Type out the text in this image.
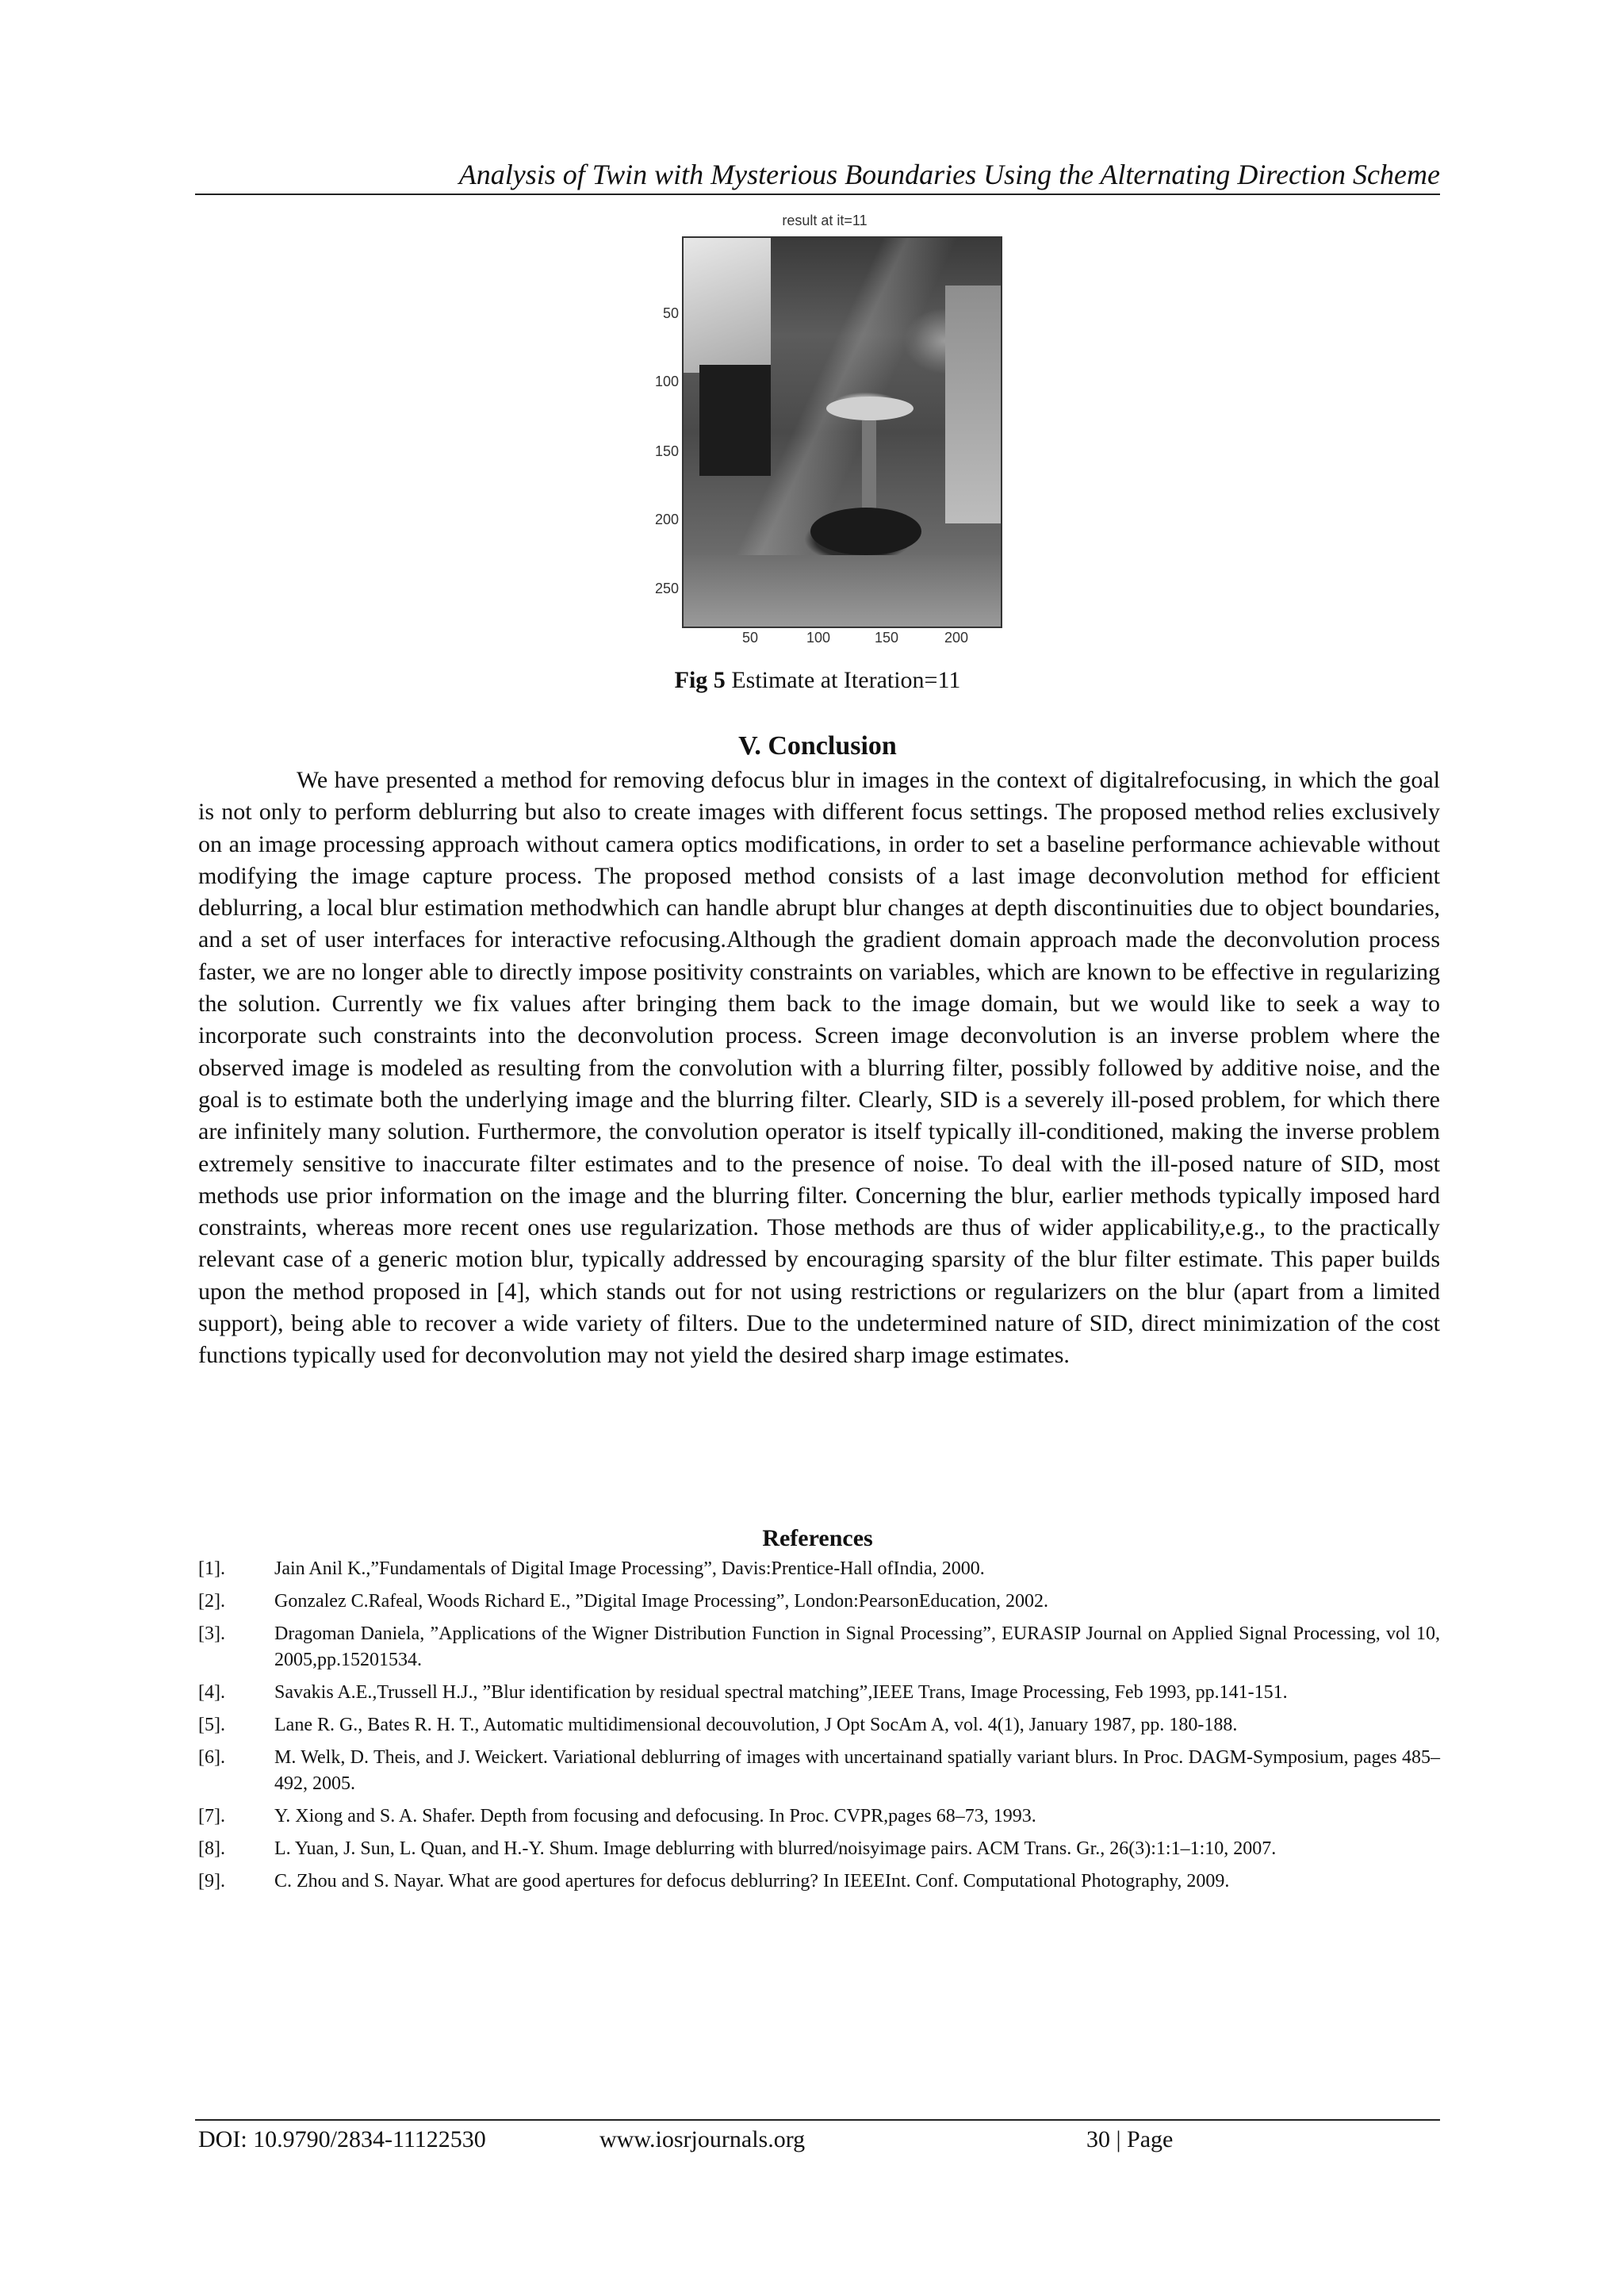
Analysis of Twin with Mysterious Boundaries Using the Alternating Direction Scheme
result at it=11
50
100
150
200
250
50	100	150	200
Fig 5 Estimate at Iteration=11
V. Conclusion
We have presented a method for removing defocus blur in images in the context of digitalrefocusing, in which the goal is not only to perform deblurring but also to create images with different focus settings. The proposed method relies exclusively on an image processing approach without camera optics modifications, in order to set a baseline performance achievable without modifying the image capture process. The proposed method consists of a last image deconvolution method for efficient deblurring, a local blur estimation methodwhich can handle abrupt blur changes at depth discontinuities due to object boundaries, and a set of user interfaces for interactive refocusing.Although the gradient domain approach made the deconvolution process faster, we are no longer able to directly impose positivity constraints on variables, which are known to be effective in regularizing the solution. Currently we fix values after bringing them back to the image domain, but we would like to seek a way to incorporate such constraints into the deconvolution process. Screen image deconvolution is an inverse problem where the observed image is modeled as resulting from the convolution with a blurring filter, possibly followed by additive noise, and the goal is to estimate both the underlying image and the blurring filter. Clearly, SID is a severely ill-posed problem, for which there are infinitely many solution. Furthermore, the convolution operator is itself typically ill-conditioned, making the inverse problem extremely sensitive to inaccurate filter estimates and to the presence of noise. To deal with the ill-posed nature of SID, most methods use prior information on the image and the blurring filter. Concerning the blur, earlier methods typically imposed hard constraints, whereas more recent ones use regularization. Those methods are thus of wider applicability,e.g., to the practically relevant case of a generic motion blur, typically addressed by encouraging sparsity of the blur filter estimate. This paper builds upon the method proposed in [4], which stands out for not using restrictions or regularizers on the blur (apart from a limited support), being able to recover a wide variety of filters. Due to the undetermined nature of SID, direct minimization of the cost functions typically used for deconvolution may not yield the desired sharp image estimates.
References
[1].	Jain Anil K.,”Fundamentals of Digital Image Processing”, Davis:Prentice-Hall ofIndia, 2000.
[2].	Gonzalez C.Rafeal, Woods Richard E., ”Digital Image Processing”, London:PearsonEducation, 2002.
[3].	Dragoman Daniela, ”Applications of the Wigner Distribution Function in Signal Processing”, EURASIP Journal on Applied Signal Processing, vol 10, 2005,pp.15201534.
[4].	Savakis A.E.,Trussell H.J., ”Blur identification by residual spectral matching”,IEEE Trans, Image Processing, Feb 1993, pp.141-151.
[5].	Lane R. G., Bates R. H. T., Automatic multidimensional decouvolution, J Opt SocAm A, vol. 4(1), January 1987, pp. 180-188.
[6].	M. Welk, D. Theis, and J. Weickert. Variational deblurring of images with uncertainand spatially variant blurs. In Proc. DAGM-Symposium, pages 485–492, 2005.
[7].	Y. Xiong and S. A. Shafer. Depth from focusing and defocusing. In Proc. CVPR,pages 68–73, 1993.
[8].	L. Yuan, J. Sun, L. Quan, and H.-Y. Shum. Image deblurring with blurred/noisyimage pairs. ACM Trans. Gr., 26(3):1:1–1:10, 2007.
[9].	C. Zhou and S. Nayar. What are good apertures for defocus deblurring? In IEEEInt. Conf. Computational Photography, 2009.
DOI: 10.9790/2834-11122530	www.iosrjournals.org	30 | Page
